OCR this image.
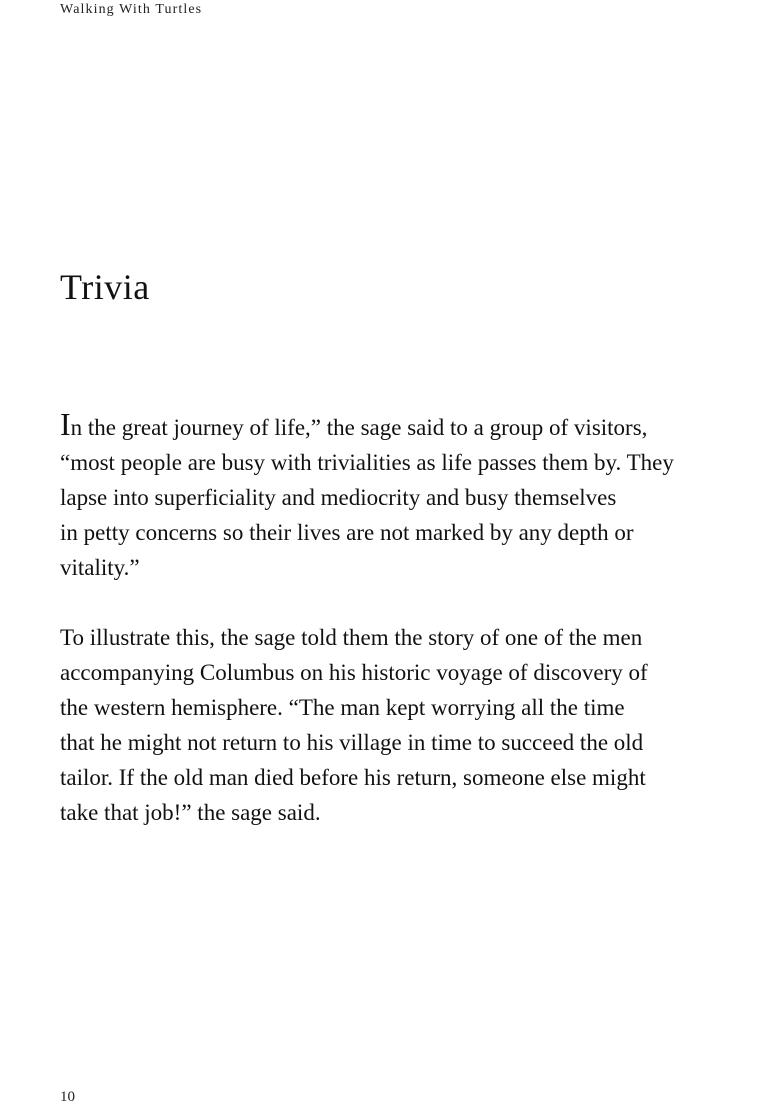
Walking With Turtles
Trivia
In the great journey of life,” the sage said to a group of visitors,
“most people are busy with trivialities as life passes them by. They
lapse into superficiality and mediocrity and busy themselves
in petty concerns so their lives are not marked by any depth or
vitality.”
To illustrate this, the sage told them the story of one of the men
accompanying Columbus on his historic voyage of discovery of
the western hemisphere. “The man kept worrying all the time
that he might not return to his village in time to succeed the old
tailor. If the old man died before his return, someone else might
take that job!” the sage said.
10
